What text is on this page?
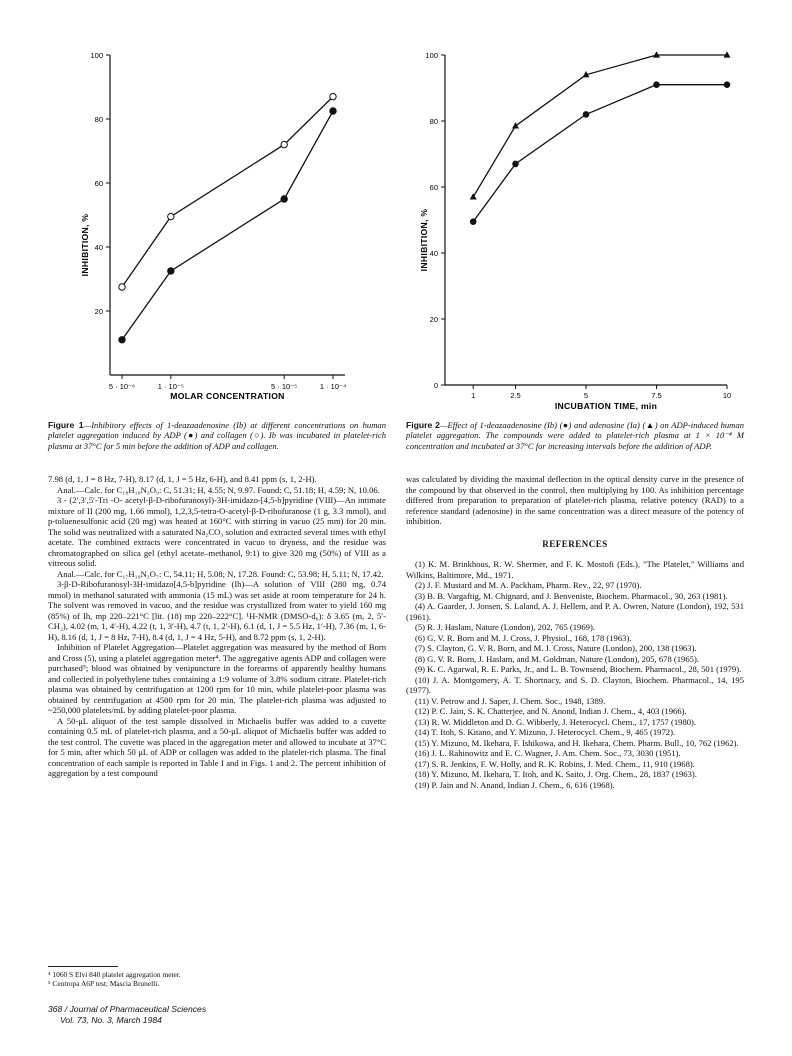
20
40
60
80
100
5 · 10⁻⁶	1 · 10⁻⁵	5 · 10⁻⁵	1 · 10⁻⁴
MOLAR CONCENTRATION
INHIBITION, %
0
20
40
60
80
100
1	2.5	5	7.5	10
INCUBATION TIME, min
INHIBITION, %
Figure 1—Inhibitory effects of 1-deazaadenosine (Ib) at different concentrations on human platelet aggregation induced by ADP (●) and collagen (○). Ib was incubated in platelet-rich plasma at 37°C for 5 min before the addition of ADP and collagen.
Figure 2—Effect of 1-deazaadenosine (Ib) (●) and adenosine (Ia) (▲) on ADP-induced human platelet aggregation. The compounds were added to platelet-rich plasma at 1 × 10⁻⁴ M concentration and incubated at 37°C for increasing intervals before the addition of ADP.

7.98 (d, 1, J = 8 Hz, 7-H), 8.17 (d, 1, J = 5 Hz, 6-H), and 8.41 ppm (s, 1, 2-H).

Anal.—Calc. for C₁₈H₁₉N₃O₉: C, 51.31; H, 4.55; N, 9.97. Found: C, 51.18; H, 4.59; N, 10.06.

3 - (2′,3′,5′-Tri -O- acetyl-β-D-ribofuranosyl)-3H-imidazo-[4,5-b]pyridine (VIII)—An intimate mixture of II (200 mg, 1.66 mmol), 1,2,3,5-tetra-O-acetyl-β-D-ribofuranose (1 g, 3.3 mmol), and p-toluenesulfonic acid (20 mg) was heated at 160°C with stirring in vacuo (25 mm) for 20 min. The solid was neutralized with a saturated Na₂CO₃ solution and extracted several times with ethyl acetate. The combined extracts were concentrated in vacuo to dryness, and the residue was chromatographed on silica gel (ethyl acetate–methanol, 9:1) to give 320 mg (50%) of VIII as a vitreous solid.

Anal.—Calc. for C₁₇H₁₉N₃O₇: C, 54.11; H, 5.08; N, 17.28. Found: C, 53.98; H, 5.11; N, 17.42.

3-β-D-Ribofuranosyl-3H-imidazo[4,5-b]pyridine (Ih)—A solution of VIII (280 mg, 0.74 mmol) in methanol saturated with ammonia (15 mL) was set aside at room temperature for 24 h. The solvent was removed in vacuo, and the residue was crystallized from water to yield 160 mg (85%) of Ih, mp 220–221°C [lit. (18) mp 220–222°C]. ¹H-NMR (DMSO-d₆): δ 3.65 (m, 2, 5′-CH₂), 4.02 (m, 1, 4′-H), 4.22 (t, 1, 3′-H), 4.7 (t, 1, 2′-H), 6.1 (d, 1, J = 5.5 Hz, 1′-H), 7.36 (m, 1, 6-H), 8.16 (d, 1, J = 8 Hz, 7-H), 8.4 (d, 1, J = 4 Hz, 5-H), and 8.72 ppm (s, 1, 2-H).

Inhibition of Platelet Aggregation—Platelet aggregation was measured by the method of Born and Cross (5), using a platelet aggregation meter⁴. The aggregative agents ADP and collagen were purchased⁵; blood was obtained by venipuncture in the forearms of apparently healthy humans and collected in polyethylene tubes containing a 1:9 volume of 3.8% sodium citrate. Platelet-rich plasma was obtained by centrifugation at 1200 rpm for 10 min, while platelet-poor plasma was obtained by centrifugation at 4500 rpm for 20 min. The platelet-rich plasma was adjusted to ~250,000 platelets/mL by adding platelet-poor plasma.

A 50-μL aliquot of the test sample dissolved in Michaelis buffer was added to a cuvette containing 0.5 mL of platelet-rich plasma, and a 50-μL aliquot of Michaelis buffer was added to the test control. The cuvette was placed in the aggregation meter and allowed to incubate at 37°C for 5 min, after which 50 μL of ADP or collagen was added to the platelet-rich plasma. The final concentration of each sample is reported in Table I and in Figs. 1 and 2. The percent inhibition of aggregation by a test compound

⁴ 1060 S Elvi 840 platelet aggregation meter.
⁵ Centropa A6P test; Mascia Brunelli.
368 / Journal of Pharmaceutical Sciences
Vol. 73, No. 3, March 1984

was calculated by dividing the maximal deflection in the optical density curve in the presence of the compound by that observed in the control, then multiplying by 100. As inhibition percentage differed from preparation to preparation of platelet-rich plasma, relative potency (RAD) to a reference standard (adenosine) in the same concentration was a direct measure of the potency of inhibition.

REFERENCES

(1) K. M. Brinkhous, R. W. Shermer, and F. K. Mostofi (Eds.), "The Platelet," Williams and Wilkins, Baltimore, Md., 1971.

(2) J. F. Mustard and M. A. Packham, Pharm. Rev., 22, 97 (1970).

(3) B. B. Vargaftig, M. Chignard, and J. Benveniste, Biochem. Pharmacol., 30, 263 (1981).

(4) A. Gaarder, J. Jonsen, S. Laland, A. J. Hellem, and P. A. Owren, Nature (London), 192, 531 (1961).

(5) R. J. Haslam, Nature (London), 202, 765 (1969).

(6) G. V. R. Born and M. J. Cross, J. Physiol., 168, 178 (1963).

(7) S. Clayton, G. V. R. Born, and M. J. Cross, Nature (London), 200, 138 (1963).

(8) G. V. R. Born, J. Haslam, and M. Goldman, Nature (London), 205, 678 (1965).

(9) K. C. Agarwal, R. E. Parks, Jr., and L. B. Townsend, Biochem. Pharmacol., 28, 501 (1979).

(10) J. A. Montgomery, A. T. Shortnacy, and S. D. Clayton, Biochem. Pharmacol., 14, 195 (1977).

(11) V. Petrow and J. Saper, J. Chem. Soc., 1948, 1389.

(12) P. C. Jain, S. K. Chatterjee, and N. Anond, Indian J. Chem., 4, 403 (1966).

(13) R. W. Middleton and D. G. Wibberly, J. Heterocycl. Chem., 17, 1757 (1980).

(14) T. Itoh, S. Kitano, and Y. Mizuno, J. Heterocycl. Chem., 9, 465 (1972).

(15) Y. Mizuno, M. Ikehara, F. Ishikowa, and H. Ikehara, Chem. Pharm. Bull., 10, 762 (1962).

(16) J. L. Rahinowitz and E. C. Wagner, J. Am. Chem. Soc., 73, 3030 (1951).

(17) S. R. Jenkins, F. W. Holly, and R. K. Robins, J. Med. Chem., 11, 910 (1968).

(18) Y. Mizuno, M. Ikehara, T. Itoh, and K. Saito, J. Org. Chem., 28, 1837 (1963).

(19) P. Jain and N. Anand, Indian J. Chem., 6, 616 (1968).
